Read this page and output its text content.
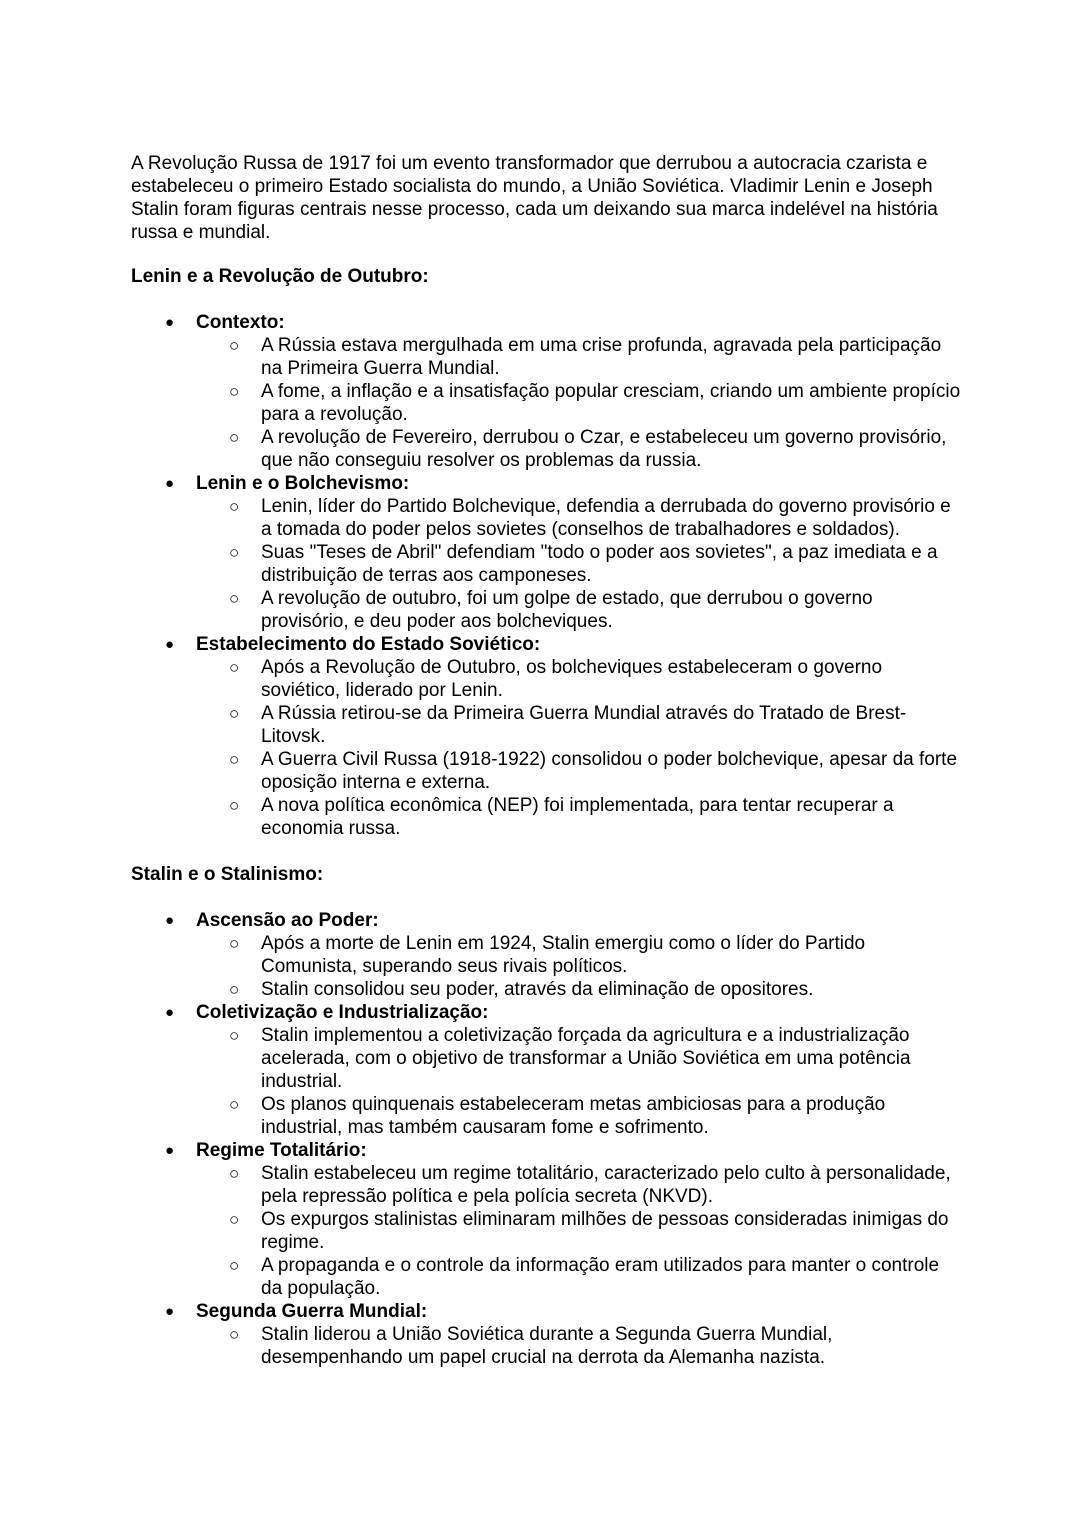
A Revolução Russa de 1917 foi um evento transformador que derrubou a autocracia czarista e estabeleceu o primeiro Estado socialista do mundo, a União Soviética. Vladimir Lenin e Joseph Stalin foram figuras centrais nesse processo, cada um deixando sua marca indelével na história russa e mundial.

Lenin e a Revolução de Outubro:
● Contexto:
○ A Rússia estava mergulhada em uma crise profunda, agravada pela participação na Primeira Guerra Mundial.
○ A fome, a inflação e a insatisfação popular cresciam, criando um ambiente propício para a revolução.
○ A revolução de Fevereiro, derrubou o Czar, e estabeleceu um governo provisório, que não conseguiu resolver os problemas da russia.
● Lenin e o Bolchevismo:
○ Lenin, líder do Partido Bolchevique, defendia a derrubada do governo provisório e a tomada do poder pelos sovietes (conselhos de trabalhadores e soldados).
○ Suas "Teses de Abril" defendiam "todo o poder aos sovietes", a paz imediata e a distribuição de terras aos camponeses.
○ A revolução de outubro, foi um golpe de estado, que derrubou o governo provisório, e deu poder aos bolcheviques.
● Estabelecimento do Estado Soviético:
○ Após a Revolução de Outubro, os bolcheviques estabeleceram o governo soviético, liderado por Lenin.
○ A Rússia retirou-se da Primeira Guerra Mundial através do Tratado de Brest-Litovsk.
○ A Guerra Civil Russa (1918-1922) consolidou o poder bolchevique, apesar da forte oposição interna e externa.
○ A nova política econômica (NEP) foi implementada, para tentar recuperar a economia russa.
Stalin e o Stalinismo:
● Ascensão ao Poder:
○ Após a morte de Lenin em 1924, Stalin emergiu como o líder do Partido Comunista, superando seus rivais políticos.
○ Stalin consolidou seu poder, através da eliminação de opositores.
● Coletivização e Industrialização:
○ Stalin implementou a coletivização forçada da agricultura e a industrialização acelerada, com o objetivo de transformar a União Soviética em uma potência industrial.
○ Os planos quinquenais estabeleceram metas ambiciosas para a produção industrial, mas também causaram fome e sofrimento.
● Regime Totalitário:
○ Stalin estabeleceu um regime totalitário, caracterizado pelo culto à personalidade, pela repressão política e pela polícia secreta (NKVD).
○ Os expurgos stalinistas eliminaram milhões de pessoas consideradas inimigas do regime.
○ A propaganda e o controle da informação eram utilizados para manter o controle da população.
● Segunda Guerra Mundial:
○ Stalin liderou a União Soviética durante a Segunda Guerra Mundial, desempenhando um papel crucial na derrota da Alemanha nazista.
